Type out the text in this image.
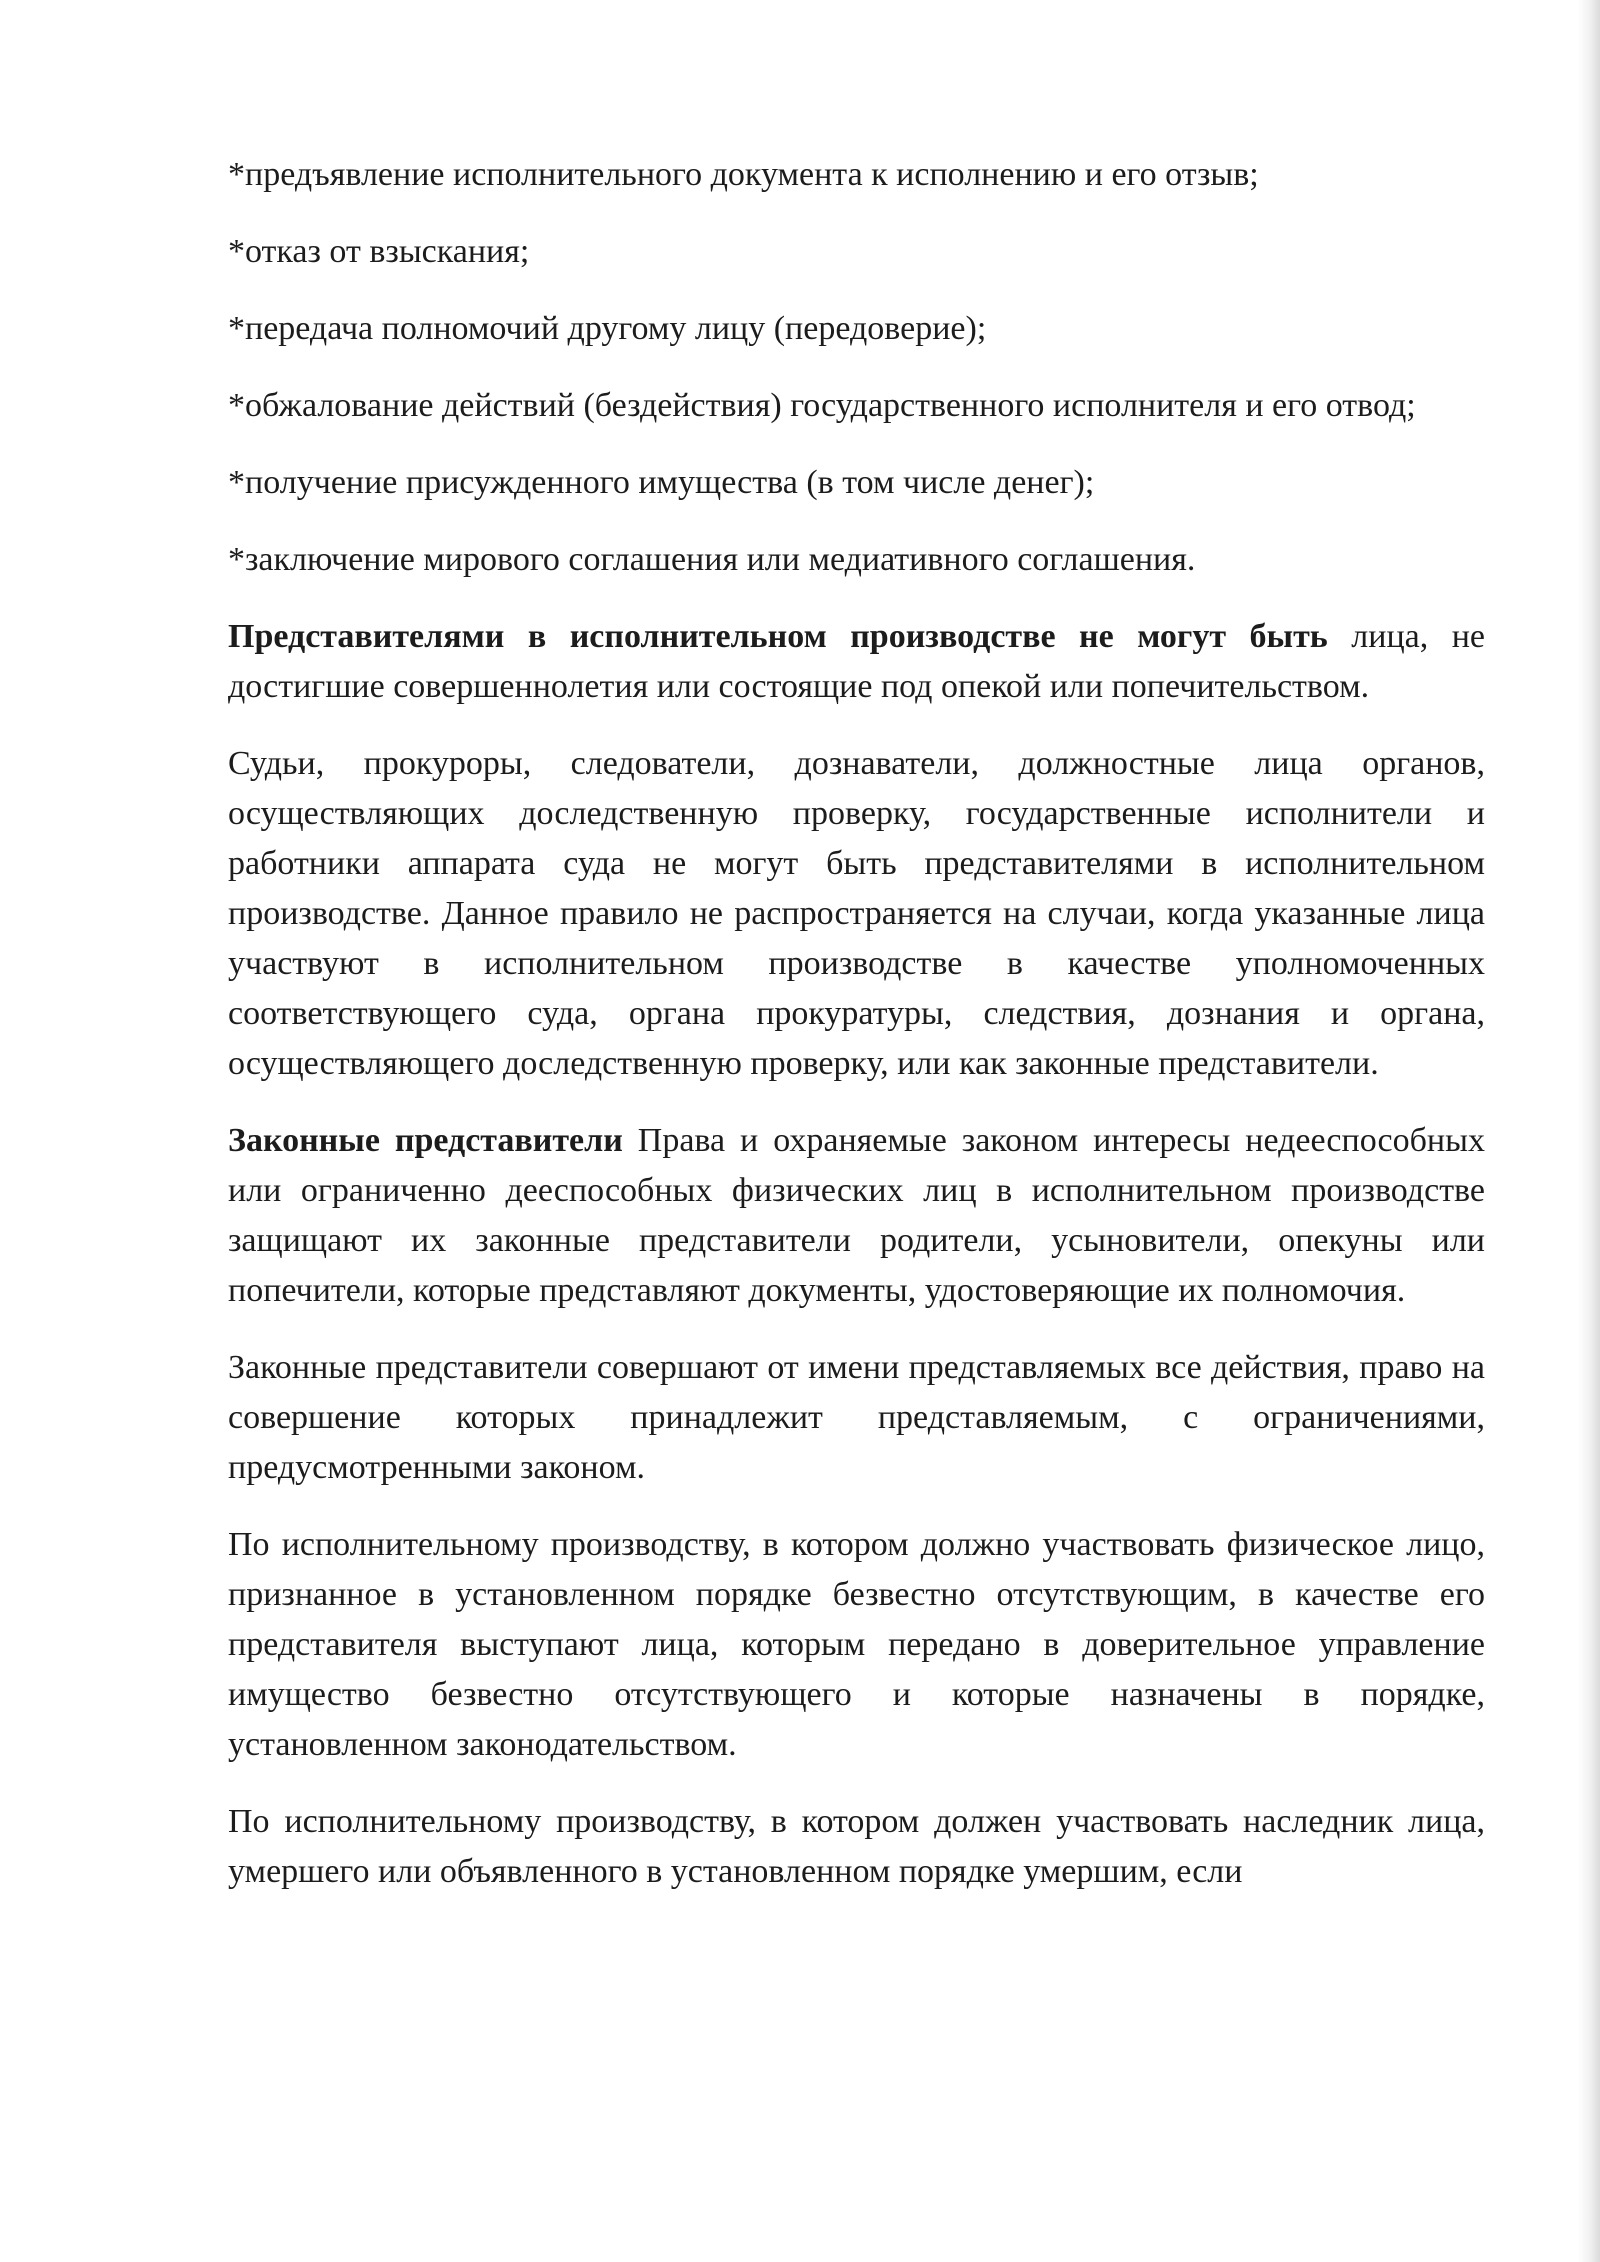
*предъявление исполнительного документа к исполнению и его отзыв;

*отказ от взыскания;

*передача полномочий другому лицу (передоверие);

*обжалование действий (бездействия) государственного исполнителя и его отвод;

*получение присужденного имущества (в том числе денег);

*заключение мирового соглашения или медиативного соглашения.

Представителями в исполнительном производстве не могут быть лица, не достигшие совершеннолетия или состоящие под опекой или попечительством.

Судьи, прокуроры, следователи, дознаватели, должностные лица органов, осуществляющих доследственную проверку, государственные исполнители и работники аппарата суда не могут быть представителями в исполнительном производстве. Данное правило не распространяется на случаи, когда указанные лица участвуют в исполнительном производстве в качестве уполномоченных соответствующего суда, органа прокуратуры, следствия, дознания и органа, осуществляющего доследственную проверку, или как законные представители.

Законные представители Права и охраняемые законом интересы недееспособных или ограниченно дееспособных физических лиц в исполнительном производстве защищают их законные представители родители, усыновители, опекуны или попечители, которые представляют документы, удостоверяющие их полномочия.

Законные представители совершают от имени представляемых все действия, право на совершение которых принадлежит представляемым, с ограничениями, предусмотренными законом.

По исполнительному производству, в котором должно участвовать физическое лицо, признанное в установленном порядке безвестно отсутствующим, в качестве его представителя выступают лица, которым передано в доверительное управление имущество безвестно отсутствующего и которые назначены в порядке, установленном законодательством.

По исполнительному производству, в котором должен участвовать наследник лица, умершего или объявленного в установленном порядке умершим, если
